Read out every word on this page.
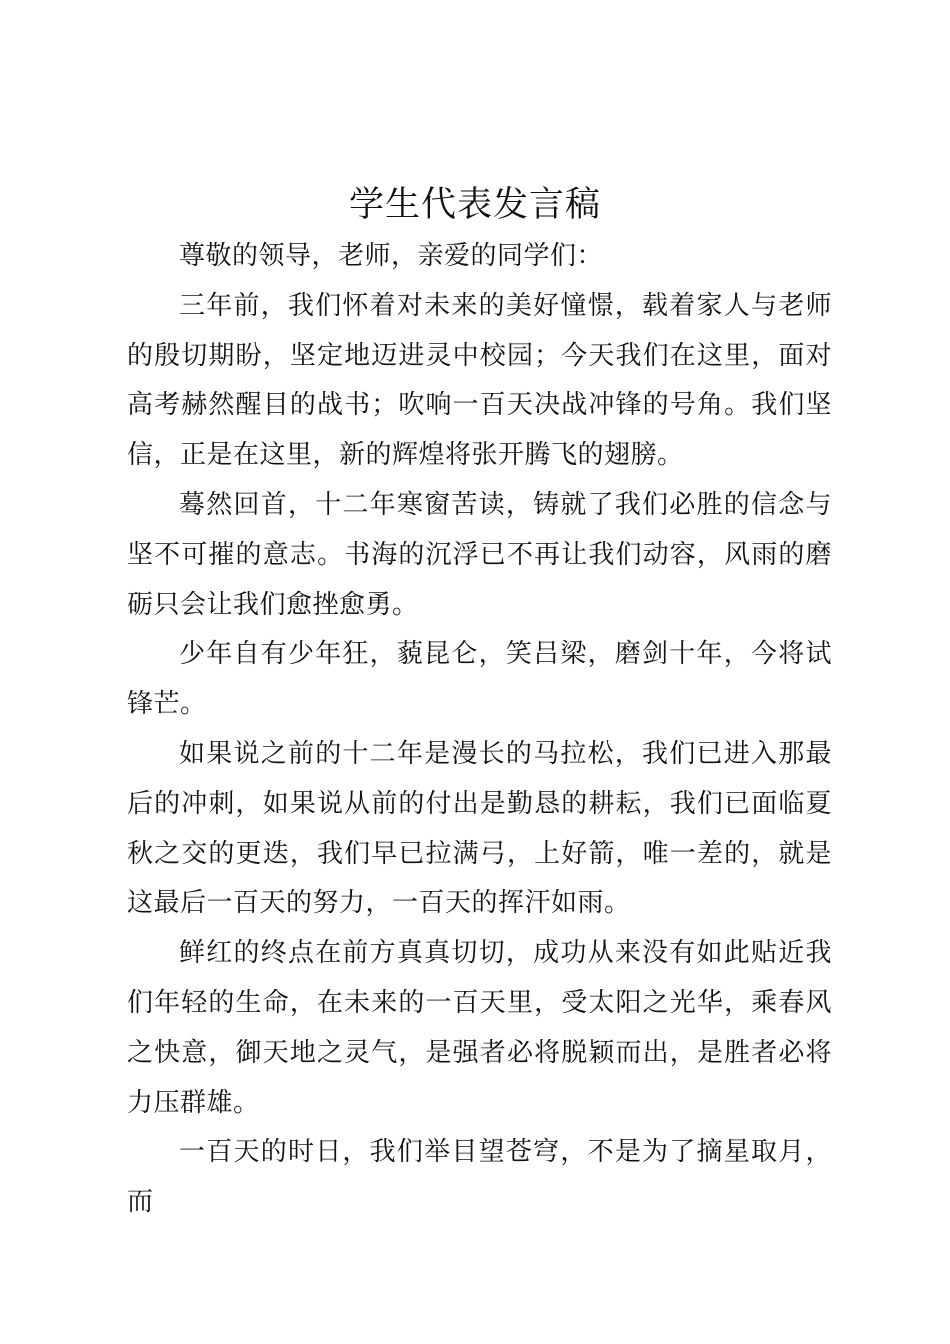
学生代表发言稿

尊敬的领导，老师，亲爱的同学们：

三年前，我们怀着对未来的美好憧憬，载着家人与老师的殷切期盼，坚定地迈进灵中校园；今天我们在这里，面对高考赫然醒目的战书；吹响一百天决战冲锋的号角。我们坚信，正是在这里，新的辉煌将张开腾飞的翅膀。

蓦然回首，十二年寒窗苦读，铸就了我们必胜的信念与坚不可摧的意志。书海的沉浮已不再让我们动容，风雨的磨砺只会让我们愈挫愈勇。

少年自有少年狂，藐昆仑，笑吕梁，磨剑十年，今将试锋芒。

如果说之前的十二年是漫长的马拉松，我们已进入那最后的冲刺，如果说从前的付出是勤恳的耕耘，我们已面临夏秋之交的更迭，我们早已拉满弓，上好箭，唯一差的，就是这最后一百天的努力，一百天的挥汗如雨。

鲜红的终点在前方真真切切，成功从来没有如此贴近我们年轻的生命，在未来的一百天里，受太阳之光华，乘春风之快意，御天地之灵气，是强者必将脱颖而出，是胜者必将力压群雄。

一百天的时日，我们举目望苍穹，不是为了摘星取月，而
